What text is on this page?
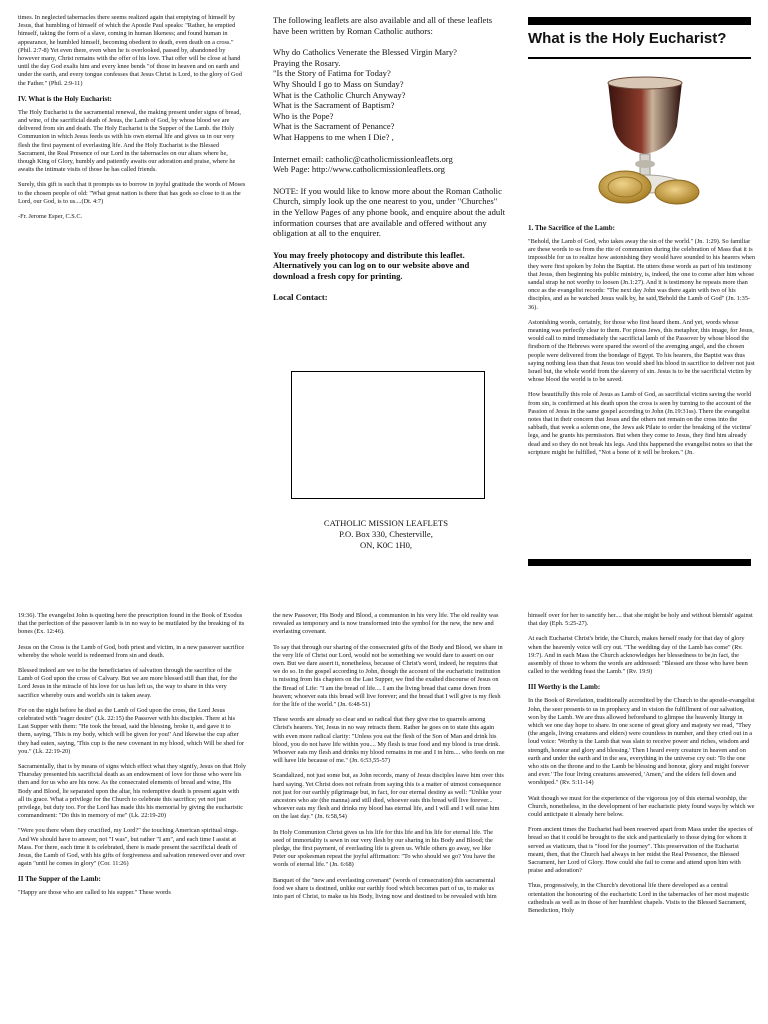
times. In neglected tabernacles there seems realized again that emptying of himself by Jesus, that humbling of himself of which the Apostle Paul speaks: "Rather, he emptied himself, taking the form of a slave, coming in human likeness; and found human in appearance, he humbled himself, becoming obedient to death, even death on a cross." (Phil. 2:7-8) Yet even there, even when he is overlooked, passed by, abandoned by however many, Christ remains with the offer of his love. That offer will be close at hand until the day God exalts him and every knee bends "of those in heaven and on earth and under the earth, and every tongue confesses that Jesus Christ is Lord, to the glory of God the Father." (Phil. 2:9-11)

IV. What is the Holy Eucharist:

The Holy Eucharist is the sacramental renewal, the making present under signs of bread, and wine, of the sacrificial death of Jesus, the Lamb of God, by whose blood we are delivered from sin and death. The Holy Eucharist is the Supper of the Lamb. the Holy Communion in which Jesus feeds us with his own eternal life and gives us in our very flesh the first payment of everlasting life. And the Holy Eucharist is the Blessed Sacrament, the Real Presence of our Lord in the tabernacles on our altars where he, though King of Glory, humbly and patiently awaits our adoration and praise, where he awaits the intimate visits of those he has called friends.

Surely, this gift is such that it prompts us to borrow in joyful gratitude the words of Moses to the chosen people of old: "What great nation is there that has gods so close to it as the Lord, our God, is to us....(Dt. 4:7)

-Fr. Jerome Esper, C.S.C.

The following leaflets are also available and all of these leaflets have been written by Roman Catholic authors:

Why do Catholics Venerate the Blessed Virgin Mary?

Praying the Rosary.

"Is the Story of Fatima for Today?

Why Should I go to Mass on Sunday?

What is the Catholic Church Anyway?

What is the Sacrament of Baptism?

Who is the Pope?

What is the Sacrament of Penance?

What Happens to me when I Die? ,

Internet email: catholic@catholicmissionleaflets.org

Web Page: http://www.catholicmissionleaflets.org

NOTE: If you would like to know more about the Roman Catholic Church, simply look up the one nearest to you, under "Churches" in the Yellow Pages of any phone book, and enquire about the adult information courses that are available and offered without any obligation at all to the enquirer.

You may freely photocopy and distribute this leaflet. Alternatively you can log on to our website above and download a fresh copy for printing.

Local Contact:

CATHOLIC MISSION LEAFLETS

P.O. Box 330, Chesterville,

ON, K0C 1H0,

What is the Holy Eucharist?
1. The Sacrifice of the Lamb:

"Behold, the Lamb of God, who takes away the sin of the world." (Jn. 1:29). So familiar are these words to us from the rite of communion during the celebration of Mass that it is impossible for us to realize how astonishing they would have sounded to his hearers when they were first spoken by John the Baptist. He utters these words as part of his testimony that Jesus, then beginning his public ministry, is, indeed, the one to come after him whose sandal strap he not worthy to loosen (Jn.1:27). And it is testimony he repeats more than once as the evangelist records: "The next day John was there again with two of his disciples, and as he watched Jesus walk by, he said,'Behold the Lamb of God" (Jn. 1:35-36).

Astonishing words, certainly, for those who first heard them. And yet, words whose meaning was perfectly clear to them. For pious Jews, this metaphor, this image, for Jesus, would call to mind immediately the sacrificial lamb of the Passover by whose blood the firstborn of the Hebrews were spared the sword of the avenging angel, and the chosen people were delivered from the bondage of Egypt. To his hearers, the Baptist was thus saying nothing less than that Jesus too would shed his blood in sacrifice to deliver not just Israel but, the whole world from the slavery of sin. Jesus is to be the sacrificial victim by whose blood the world is to be saved.

How beautifully this role of Jesus as Lamb of God, as sacrificial victim saving the world from sin, is confirmed at his death upon the cross is seen by turning to the account of the Passion of Jesus in the same gospel according to John (Jn.19:31ss). There the evangelist notes that in their concern that Jesus and the others not remain on the cross into the sabbath, that week a solemn one, the Jews ask Pilate to order the breaking of the victims' legs, and he grants his permission. But when they come to Jesus, they find him already dead and so they do not break his legs. And this happened the evangelist notes so that the scripture might be fulfilled, "Not a bone of it will be broken." (Jn.

19:36). The evangelist John is quoting here the prescription found in the Book of Exodus that the perfection of the passover lamb is in no way to be mutilated by the breaking of its bones (Ex. 12:46).

Jesus on the Cross is the Lamb of God, both priest and victim, in a new passover sacrifice whereby the whole world is redeemed from sin and death.

Blessed indeed are we to be the beneficiaries of salvation through the sacrifice of the Lamb of God upon the cross of Calvary. But we are more blessed still than that, for the Lord Jesus in the miracle of his love for us has left us, the way to share in this very sacrifice whereby ours and world's sin is taken away.

For on the night before he died as the Lamb of God upon the cross, the Lord Jesus celebrated with "eager desire" (Lk. 22:15) the Passover with his disciples. There at his Last Supper with them: "He took the bread, said the blessing, broke it, and gave it to them, saying, 'This is my body, which will be given for you!' And likewise the cup after they had eaten, saying, 'This cup is the new covenant in my blood, which Will be shed for you." (Lk. 22:19-20)

Sacramentally, that is by means of signs which effect what they signify, Jesus on that Holy Thursday presented his sacrificial death as an endowment of love for those who were his then and for us who are his now. As the consecrated elements of bread and wine, His Body and Blood, lie separated upon the altar, his redemptive death is present again with all its grace. What a privilege for the Church to celebrate this sacrifice; yet not just privilege, but duty too. For the Lord has made this his memorial by giving the eucharistic commandment: "Do this in memory of me" (Lk. 22:19-20)

"Were you there when they crucified, my Lord?" the touching American spiritual sings. And We should have to answer, not "I was", but rather "I am", and each time I assist at Mass. For there, each time it is celebrated, there is made present the sacrificial death of Jesus, the Lamb of God, with his gifts of forgiveness and salvation renewed over and over again "until he comes in glory" (Cor. 11:26)

II The Supper of the Lamb:

"Happy are those who are called to his supper." These words

the new Passover, His Body and Blood, a communion in his very life. The old reality was revealed as temporary and is now transformed into the symbol for the new, the new and everlasting covenant.

To say that through our sharing of the consecrated gifts of the Body and Blood, we share in the very life of Christ our Lord, would not be something we would dare to assert on our own. But we dare assert it, nonetheless, because of Christ's word, indeed, he requires that we do so. In the gospel according to John, though the account of the eucharistic institution is missing from his chapters on the Last Supper, we find the exalted discourse of Jesus on the Bread of Life: "I am the bread of life.... I am the living bread that came down from heaven; whoever eats this bread will live forever; and the bread that I will give is my flesh for the life of the world." (Jn. 6:48-51)

These words are already so clear and so radical that they give rise to quarrels among Christ's hearers. Yet, Jesus in no way retracts them. Rather he goes on to state this again with even more radical clarity: "Unless you eat the flesh of the Son of Man and drink his blood, you do not have life within you.... My flesh is true food and my blood is true drink. Whoever eats my flesh and drinks my blood remains in me and I in him.... who feeds on me will have life because of me." (Jn. 6:53,55-57)

Scandalized, not just some but, as John records, many of Jesus disciples leave him over this hard saying. Yet Christ does not refrain from saying this is a matter of utmost consequence not just for our earthly pilgrimage but, in fact, for our eternal destiny as well: "Unlike your ancestors who ate (the manna) and still died, whoever eats this bread will live forever... whoever eats my flesh and drinks my blood has eternal life, and I will and I will raise him on the last day." (Jn. 6:58,54)

In Holy Communion Christ gives us his life for this life and his life for eternal life. The seed of immortality is sewn in our very flesh by our sharing in his Body and Blood; the pledge, the first payment, of everlasting life is given us. While others go away, we like Peter our spokesman repeat the joyful affirmation: "To who should we go? You have the words of eternal life." (Jn. 6:68)

Banquet of the "new and everlasting covenant" (words of consecration) this sacramental food we share is destined, unlike our earthly food which becomes part of us, to make us into part of Christ, to make us his Body, living now and destined to be revealed with him

himself over for her to sanctify her.... that she might be holy and without blemish' against that day (Eph. 5:25-27).

At each Eucharist Christ's bride, the Church, makes herself ready for that day of glory when the heavenly voice will cry out. "The wedding day of the Lamb has come" (Rv. 19:7). And in each Mass the Church acknowledges her blessedness to be,in fact, the assembly of those to whom the words are addressed: "Blessed are those who have been called to the wedding feast the Lamb." (Rv. 19:9)

III Worthy is the Lamb:

In the Book of Revelation, traditionally accredited by the Church to the apostle-evangelist John, the seer presents to us in prophecy and in vision the fulfillment of our salvation, won by the Lamb. We are thus allowed beforehand to glimpse the heavenly liturgy in which we one day hope to share. In one scene of great glory and majesty we read, "They (the angels, living creatures and elders) were countless in number, and they cried out in a loud voice: 'Worthy is the Lamb that was slain to receive power and riches, wisdom and strength, honour and glory and blessing.' Then I heard every creature in heaven and on earth and under the earth and in the sea, everything in the universe cry out: 'To the one who sits on the throne and to the Lamb be blessing and honour, glory and might forever and ever.' The four living creatures answered, 'Amen,' and the elders fell down and worshiped." (Rv. 5:11-14)

Wait though we must for the experience of the vigorous joy of this eternal worship, the Church, nonetheless, in the development of her eucharistic piety found ways by which we could anticipate it already here below.

From ancient times the Eucharist had been reserved apart from Mass under the species of bread so that it could be brought to the sick and particularly to those dying for whom it served as viaticum, that is "food for the journey". This preservation of the Eucharist meant, then, that the Church had always in her midst the Real Presence, the Blessed Sacrament, her Lord of Glory. How could she fail to come and attend upon him with praise and adoration?

Thus, progressively, in the Church's devotional life there developed as a central orientation the honouring of the eucharistic Lord in the tabernacles of her most majestic cathedrals as well as in those of her humblest chapels. Visits to the Blessed Sacrament, Benediction, Holy
